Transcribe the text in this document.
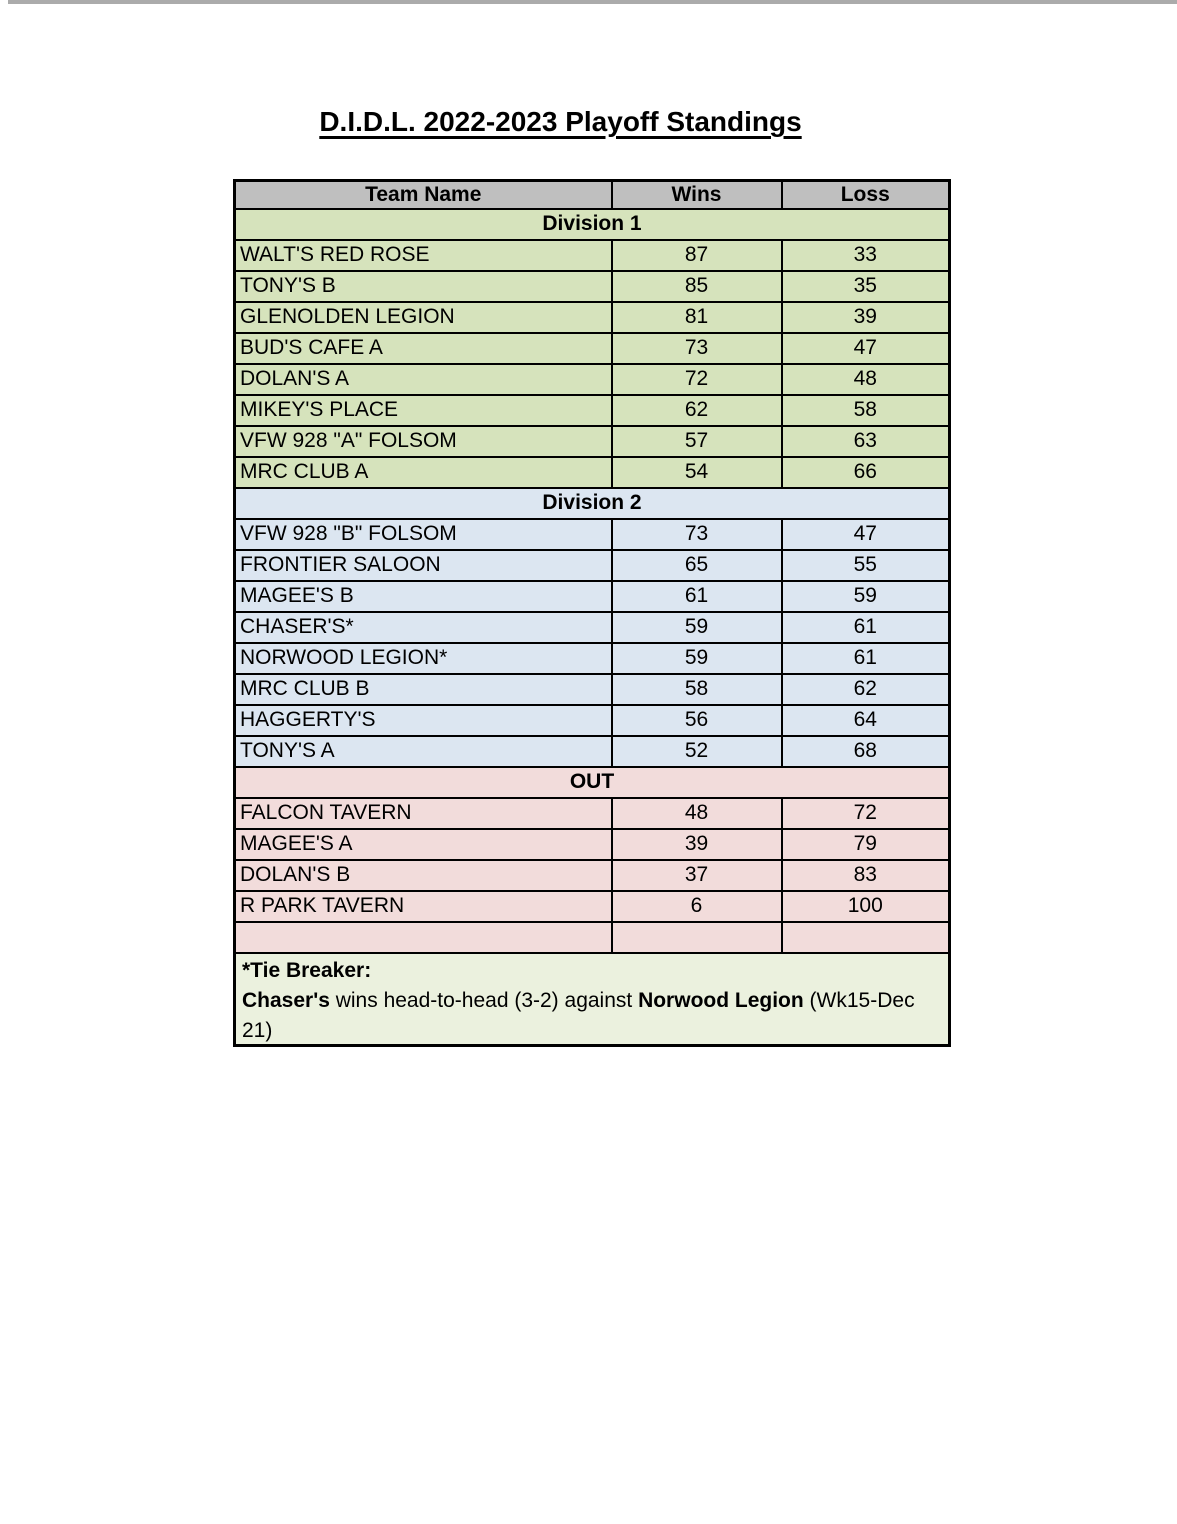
D.I.D.L. 2022-2023 Playoff Standings
Team Name	Wins	Loss
Division 1		
WALT'S RED ROSE	87	33
TONY'S B	85	35
GLENOLDEN LEGION	81	39
BUD'S CAFE A	73	47
DOLAN'S A	72	48
MIKEY'S PLACE	62	58
VFW 928 "A" FOLSOM	57	63
MRC CLUB A	54	66
Division 2		
VFW 928 "B" FOLSOM	73	47
FRONTIER SALOON	65	55
MAGEE'S B	61	59
CHASER'S*	59	61
NORWOOD LEGION*	59	61
MRC CLUB B	58	62
HAGGERTY'S	56	64
TONY'S A	52	68
OUT		
FALCON TAVERN	48	72
MAGEE'S A	39	79
DOLAN'S B	37	83
R PARK TAVERN	6	100

*Tie Breaker:
Chaser's wins head-to-head (3-2) against Norwood Legion (Wk15-Dec
21)		
